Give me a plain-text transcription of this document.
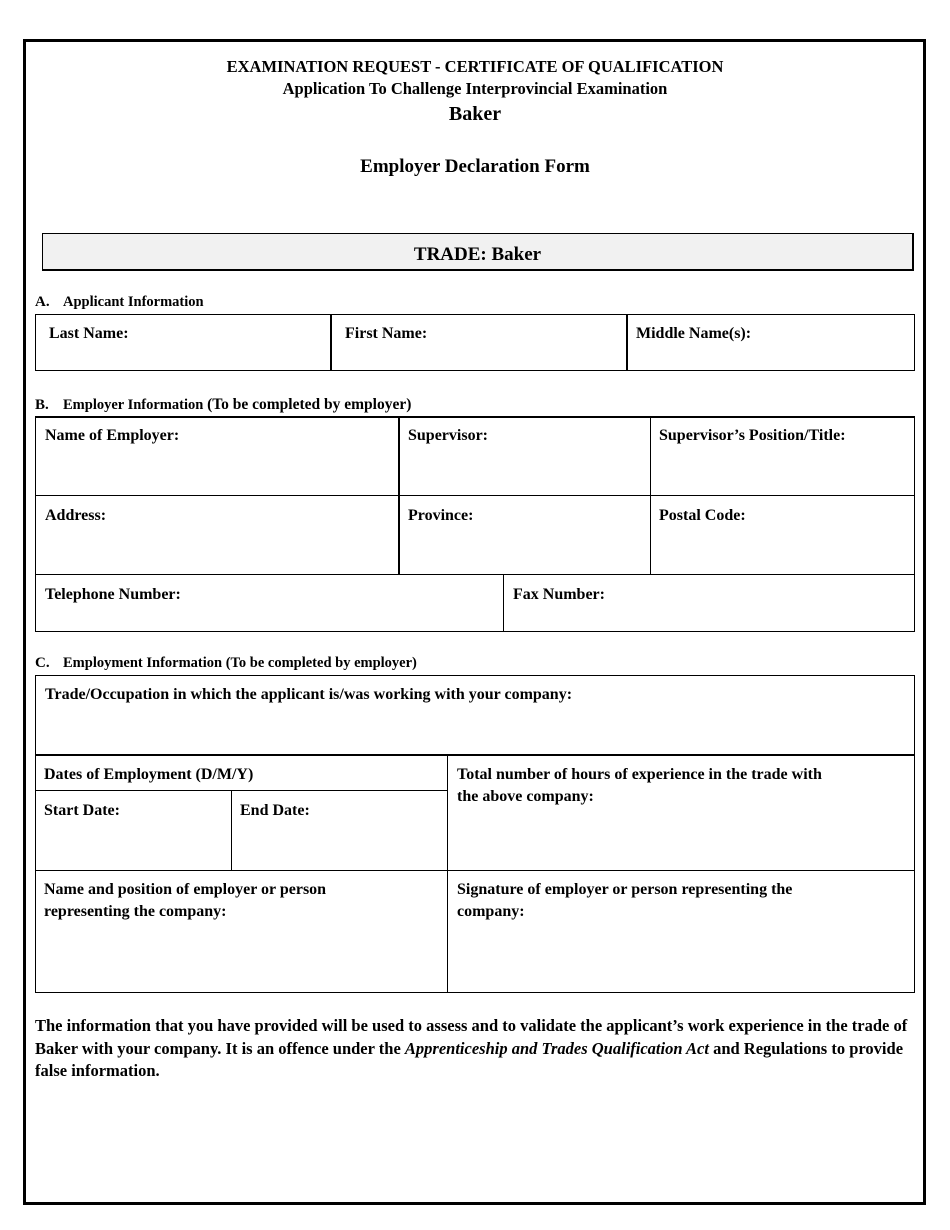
EXAMINATION REQUEST - CERTIFICATE OF QUALIFICATION
Application To Challenge Interprovincial Examination
Baker
Employer Declaration Form
TRADE: Baker
A. Applicant Information
Last Name:	First Name:	Middle Name(s):
B. Employer Information (To be completed by employer)
Name of Employer:	Supervisor:	Supervisor’s Position/Title:
Address:	Province:	Postal Code:
Telephone Number:	Fax Number:
C. Employment Information (To be completed by employer)
Trade/Occupation in which the applicant is/was working with your company:
Dates of Employment (D/M/Y)
Start Date:	End Date:
Total number of hours of experience in the trade with
the above company:
Name and position of employer or person
representing the company:
Signature of employer or person representing the
company:
The information that you have provided will be used to assess and to validate the applicant’s work experience in the trade of Baker with your company. It is an offence under the Apprenticeship and Trades Qualification Act and Regulations to provide false information.
